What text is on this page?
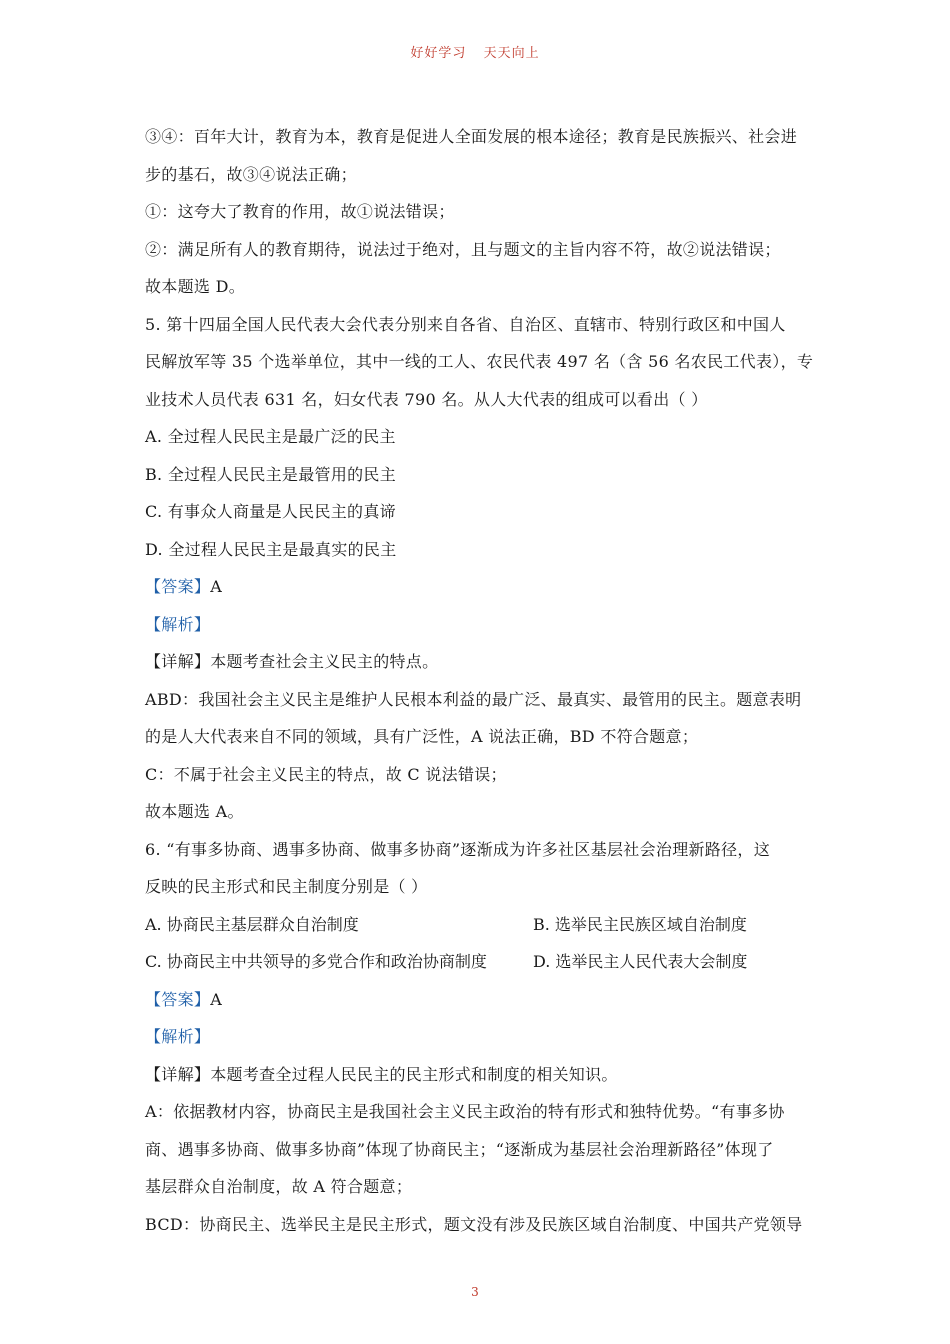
好好学习 天天向上
③④：百年大计，教育为本，教育是促进人全面发展的根本途径；教育是民族振兴、社会进
步的基石，故③④说法正确；
①：这夸大了教育的作用，故①说法错误；
②：满足所有人的教育期待，说法过于绝对，且与题文的主旨内容不符，故②说法错误；
故本题选 D。
5. 第十四届全国人民代表大会代表分别来自各省、自治区、直辖市、特别行政区和中国人
民解放军等 35 个选举单位，其中一线的工人、农民代表 497 名（含 56 名农民工代表），专
业技术人员代表 631 名，妇女代表 790 名。从人大代表的组成可以看出（ ）
A. 全过程人民民主是最广泛的民主
B. 全过程人民民主是最管用的民主
C. 有事众人商量是人民民主的真谛
D. 全过程人民民主是最真实的民主
【答案】A
【解析】
【详解】本题考查社会主义民主的特点。
ABD：我国社会主义民主是维护人民根本利益的最广泛、最真实、最管用的民主。题意表明
的是人大代表来自不同的领域，具有广泛性，A 说法正确，BD 不符合题意；
C：不属于社会主义民主的特点，故 C 说法错误；
故本题选 A。
6. “有事多协商、遇事多协商、做事多协商”逐渐成为许多社区基层社会治理新路径，这
反映的民主形式和民主制度分别是（ ）
A. 协商民主基层群众自治制度	B. 选举民主民族区域自治制度
C. 协商民主中共领导的多党合作和政治协商制度	D. 选举民主人民代表大会制度
【答案】A
【解析】
【详解】本题考查全过程人民民主的民主形式和制度的相关知识。
A：依据教材内容，协商民主是我国社会主义民主政治的特有形式和独特优势。“有事多协
商、遇事多协商、做事多协商”体现了协商民主；“逐渐成为基层社会治理新路径”体现了
基层群众自治制度，故 A 符合题意；
BCD：协商民主、选举民主是民主形式，题文没有涉及民族区域自治制度、中国共产党领导
3
